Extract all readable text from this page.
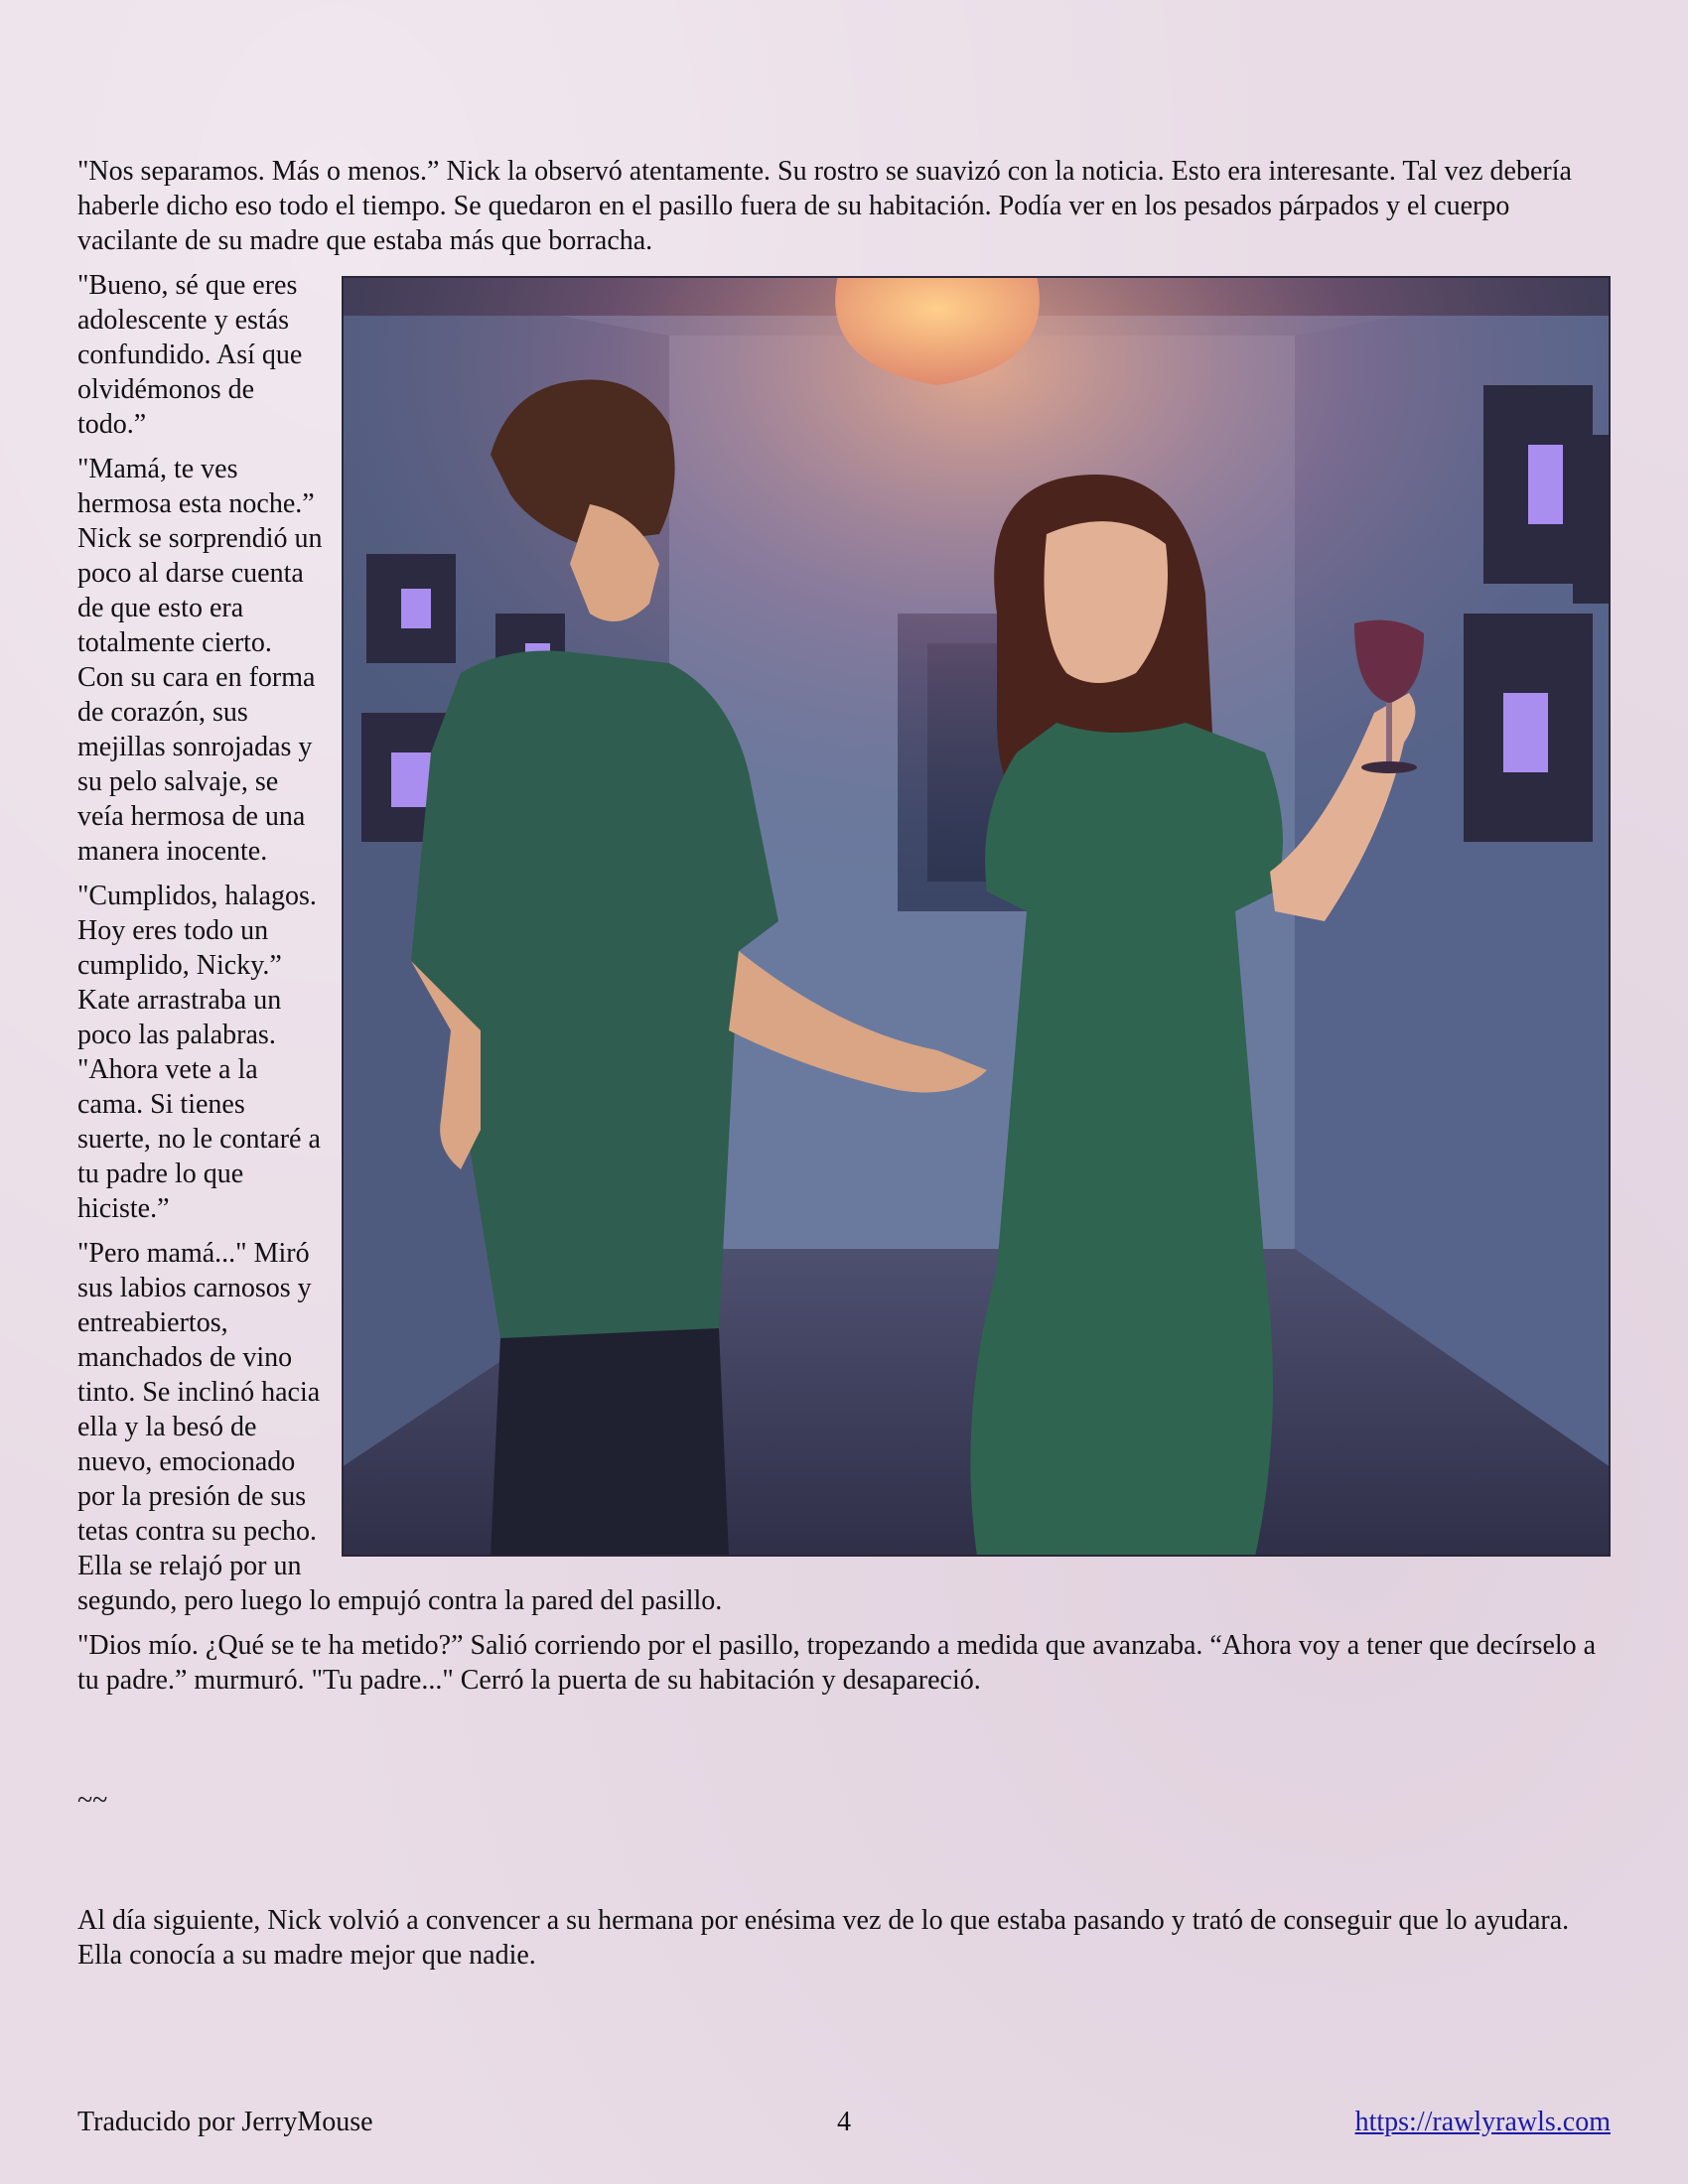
"Nos separamos. Más o menos.” Nick la observó atentamente. Su rostro se suavizó con la noticia. Esto era interesante. Tal vez debería haberle dicho eso todo el tiempo. Se quedaron en el pasillo fuera de su habitación. Podía ver en los pesados párpados y el cuerpo vacilante de su madre que estaba más que borracha.

"Bueno, sé que eres adolescente y estás confundido. Así que olvidémonos de todo.”

"Mamá, te ves hermosa esta noche.” Nick se sorprendió un poco al darse cuenta de que esto era totalmente cierto. Con su cara en forma de corazón, sus mejillas sonrojadas y su pelo salvaje, se veía hermosa de una manera inocente.

"Cumplidos, halagos. Hoy eres todo un cumplido, Nicky.” Kate arrastraba un poco las palabras. "Ahora vete a la cama. Si tienes suerte, no le contaré a tu padre lo que hiciste.”

"Pero mamá..." Miró sus labios carnosos y entreabiertos, manchados de vino tinto. Se inclinó hacia ella y la besó de nuevo, emocionado por la presión de sus tetas contra su pecho. Ella se relajó por un segundo, pero luego lo empujó contra la pared del pasillo.

"Dios mío. ¿Qué se te ha metido?” Salió corriendo por el pasillo, tropezando a medida que avanzaba. “Ahora voy a tener que decírselo a tu padre.” murmuró. "Tu padre..." Cerró la puerta de su habitación y desapareció.

~~

Al día siguiente, Nick volvió a convencer a su hermana por enésima vez de lo que estaba pasando y trató de conseguir que lo ayudara. Ella conocía a su madre mejor que nadie.

Traducido por JerryMouse	4	https://rawlyrawls.com
